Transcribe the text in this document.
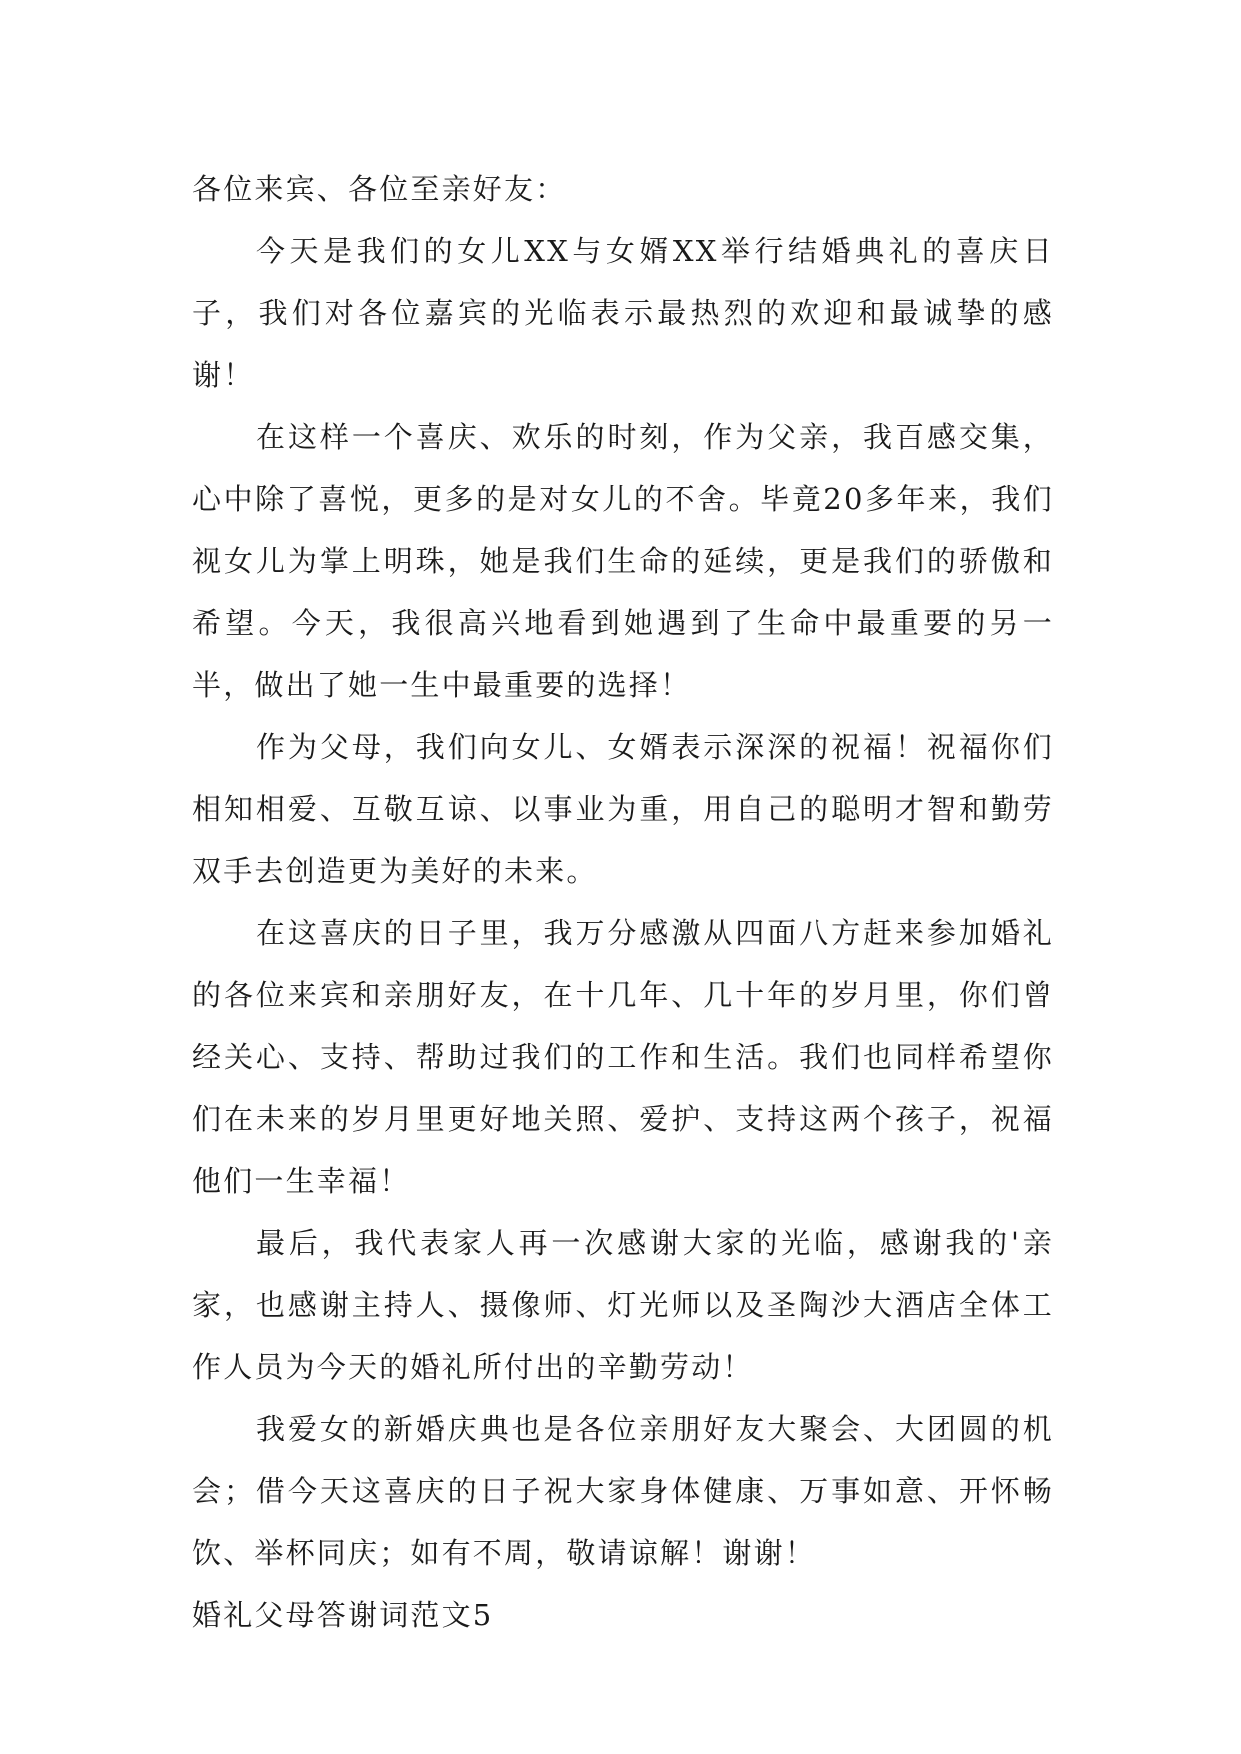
各位来宾、各位至亲好友：

今天是我们的女儿XX与女婿XX举行结婚典礼的喜庆日子，我们对各位嘉宾的光临表示最热烈的欢迎和最诚挚的感谢！

在这样一个喜庆、欢乐的时刻，作为父亲，我百感交集，心中除了喜悦，更多的是对女儿的不舍。毕竟20多年来，我们视女儿为掌上明珠，她是我们生命的延续，更是我们的骄傲和希望。今天，我很高兴地看到她遇到了生命中最重要的另一半，做出了她一生中最重要的选择！

作为父母，我们向女儿、女婿表示深深的祝福！祝福你们相知相爱、互敬互谅、以事业为重，用自己的聪明才智和勤劳双手去创造更为美好的未来。

在这喜庆的日子里，我万分感激从四面八方赶来参加婚礼的各位来宾和亲朋好友，在十几年、几十年的岁月里，你们曾经关心、支持、帮助过我们的工作和生活。我们也同样希望你们在未来的岁月里更好地关照、爱护、支持这两个孩子，祝福他们一生幸福！

最后，我代表家人再一次感谢大家的光临，感谢我的'亲家，也感谢主持人、摄像师、灯光师以及圣陶沙大酒店全体工作人员为今天的婚礼所付出的辛勤劳动！

我爱女的新婚庆典也是各位亲朋好友大聚会、大团圆的机会；借今天这喜庆的日子祝大家身体健康、万事如意、开怀畅饮、举杯同庆；如有不周，敬请谅解！谢谢！

婚礼父母答谢词范文5
